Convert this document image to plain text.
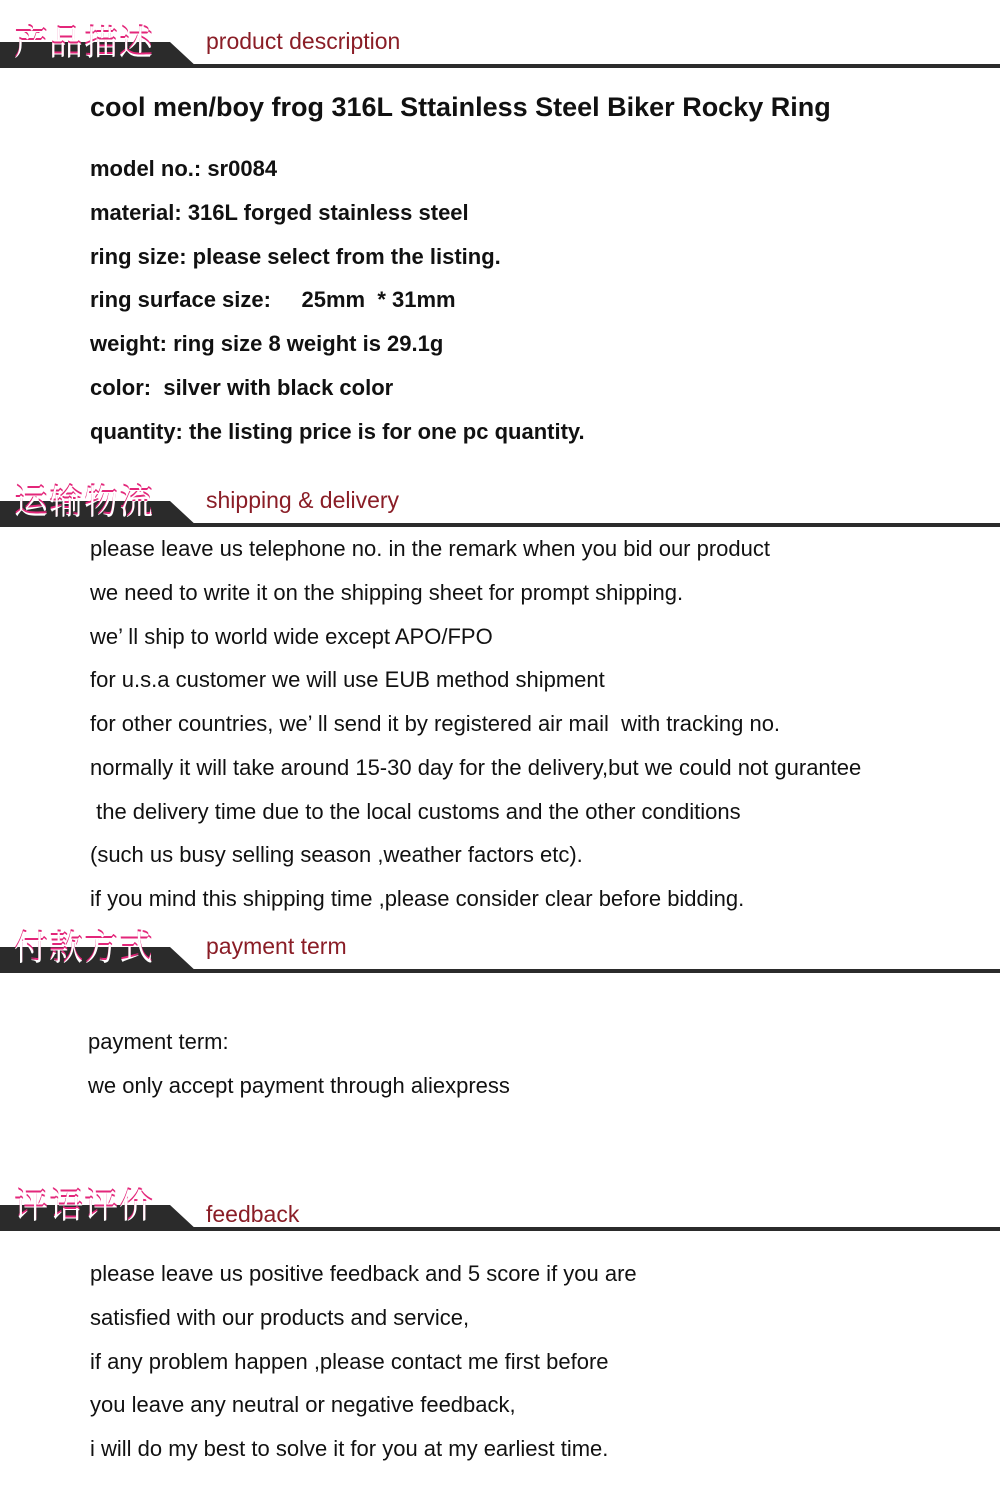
产品描述 product description
cool men/boy frog 316L Sttainless Steel Biker Rocky Ring
model no.: sr0084
material: 316L forged stainless steel
ring size: please select from the listing.
ring surface size:     25mm  * 31mm
weight: ring size 8 weight is 29.1g
color:  silver with black color
quantity: the listing price is for one pc quantity.
运输物流 shipping & delivery
please leave us telephone no. in the remark when you bid our product
we need to write it on the shipping sheet for prompt shipping.
we’ ll ship to world wide except APO/FPO
for u.s.a customer we will use EUB method shipment
for other countries, we’ ll send it by registered air mail  with tracking no.
normally it will take around 15-30 day for the delivery,but we could not gurantee
the delivery time due to the local customs and the other conditions
(such us busy selling season ,weather factors etc).
if you mind this shipping time ,please consider clear before bidding.
付款方式 payment term
payment term:
we only accept payment through aliexpress
评语评价 feedback
please leave us positive feedback and 5 score if you are
satisfied with our products and service,
if any problem happen ,please contact me first before
you leave any neutral or negative feedback,
i will do my best to solve it for you at my earliest time.
